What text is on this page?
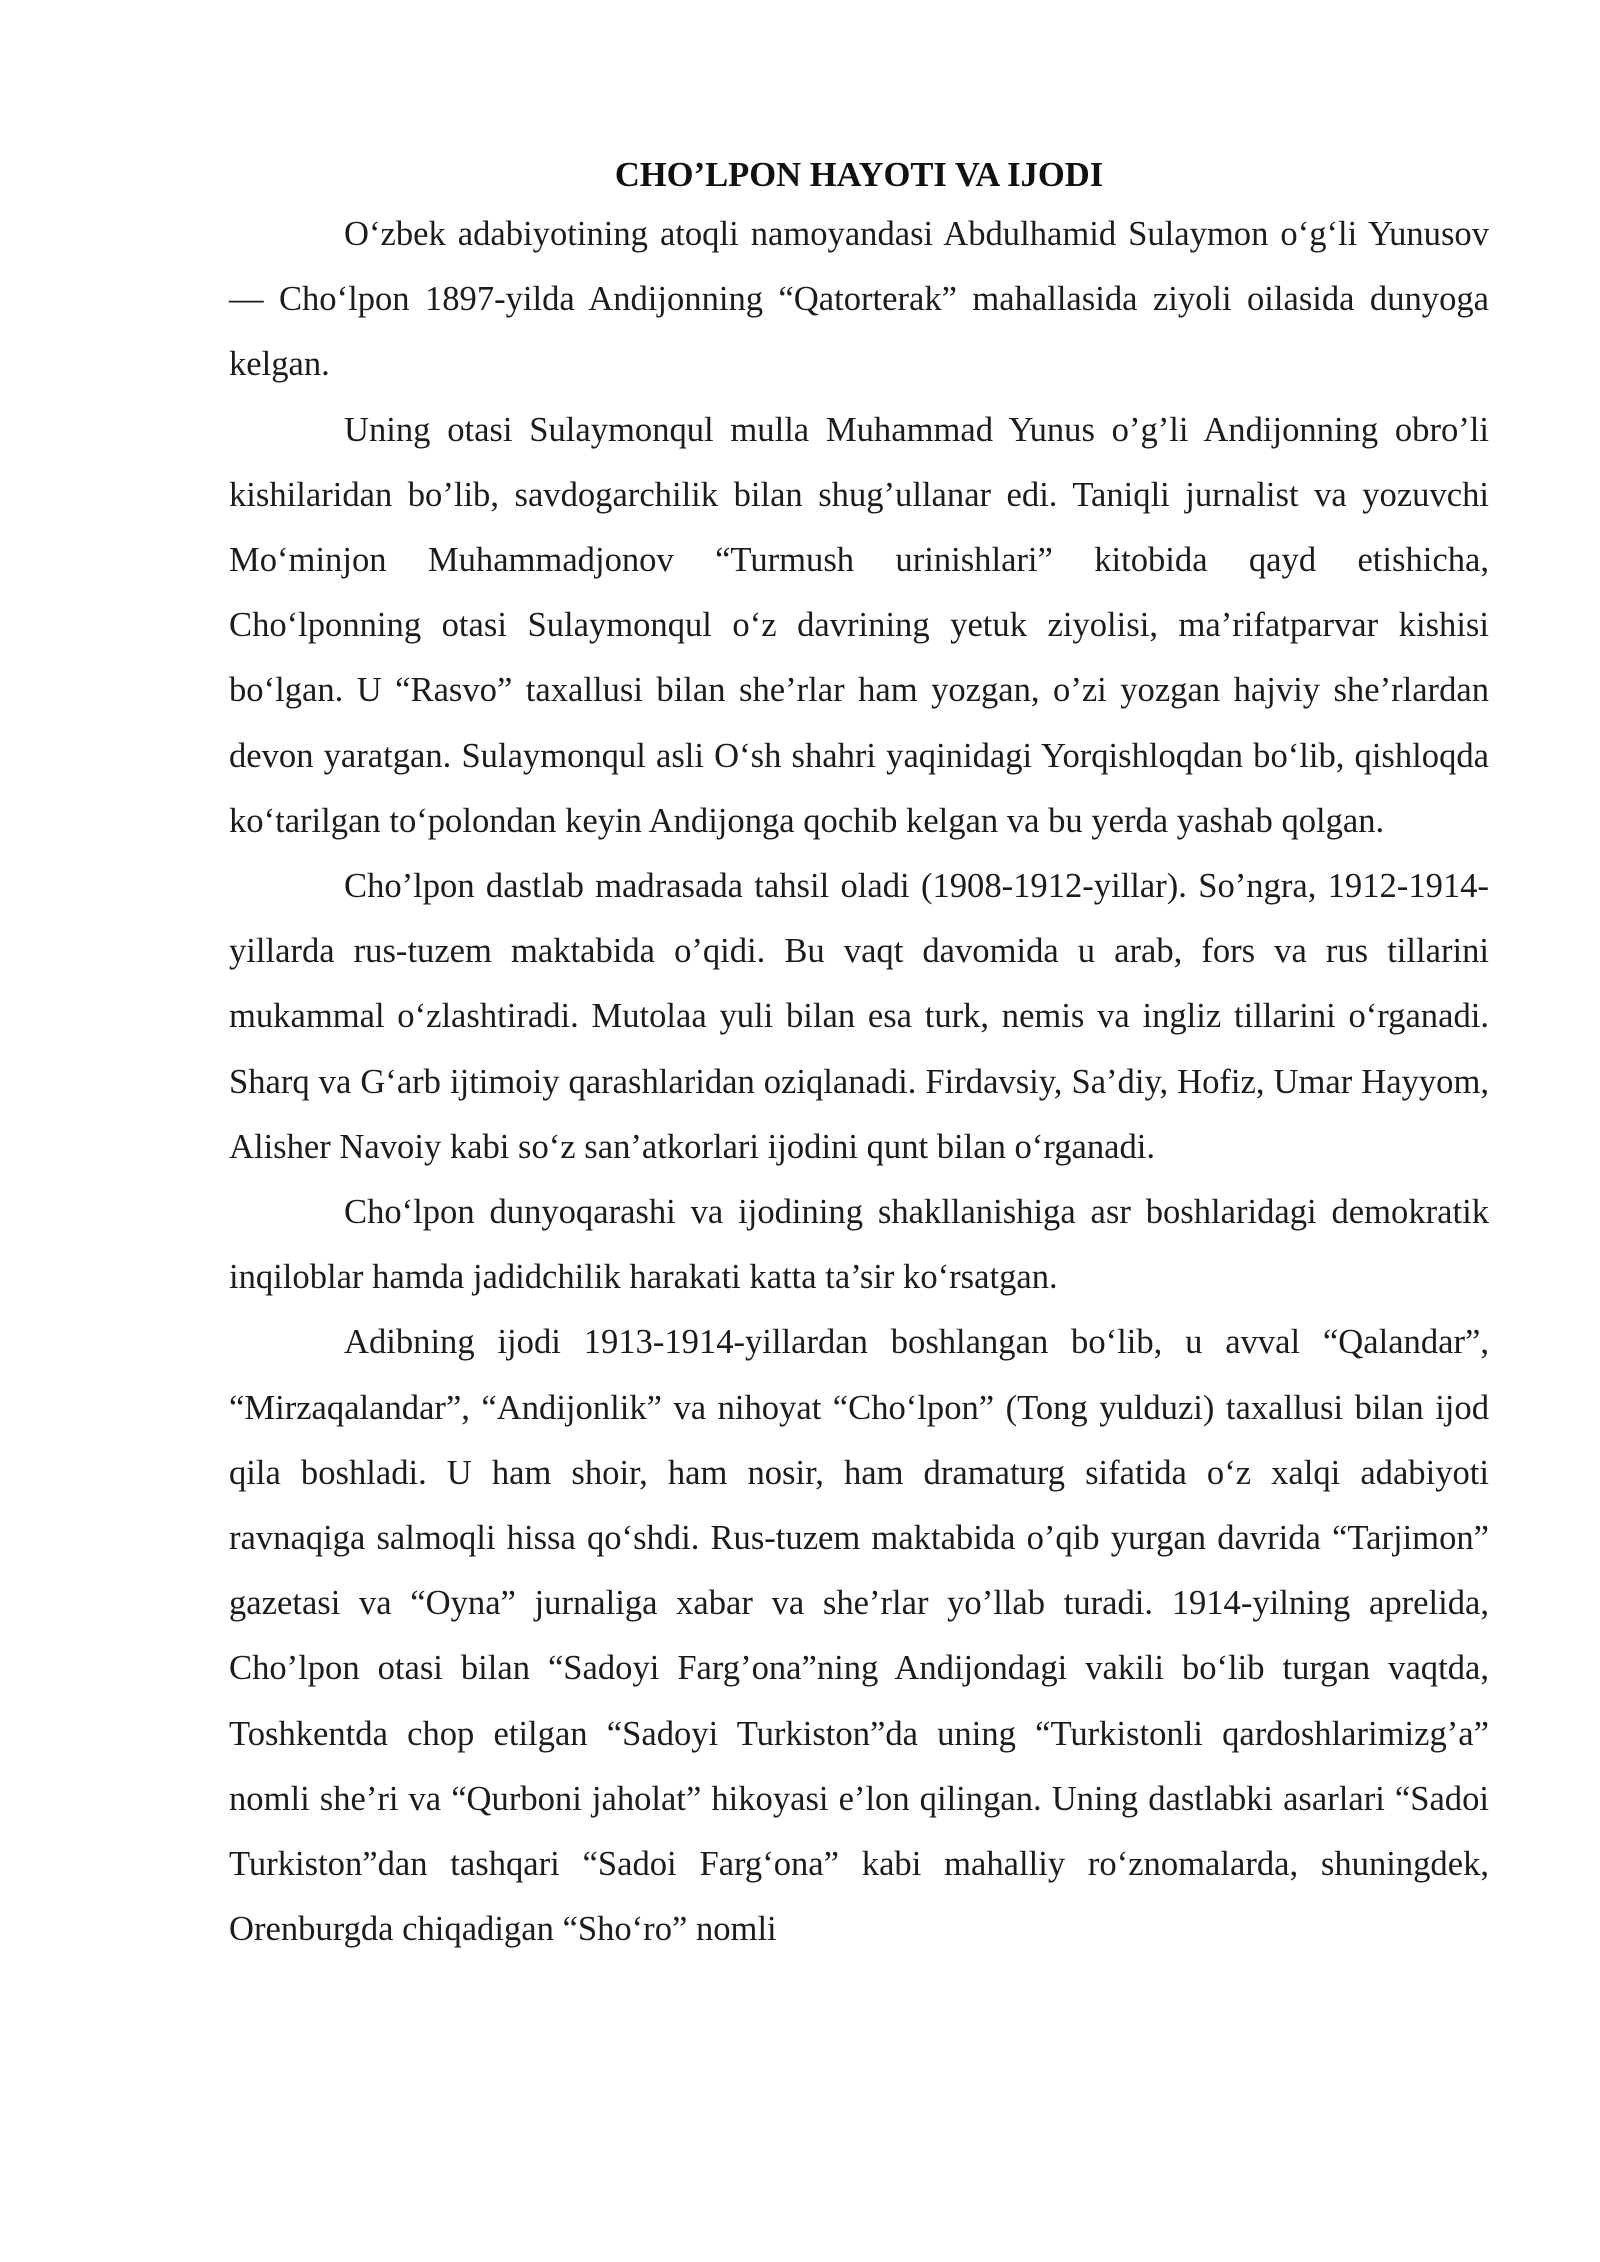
CHO’LPON HAYOTI VA IJODI

O‘zbek adabiyotining atoqli namoyandasi Abdulhamid Sulaymon o‘g‘li Yunusov — Cho‘lpon 1897-yilda Andijonning “Qatorterak” mahallasida ziyoli oilasida dunyoga kelgan.

Uning otasi Sulaymonqul mulla Muhammad Yunus o’g’li Andijonning obro’li kishilaridan bo’lib, savdogarchilik bilan shug’ullanar edi. Taniqli jurnalist va yozuvchi Mo‘minjon Muhammadjonov “Turmush urinishlari” kitobida qayd etishicha, Cho‘lponning otasi Sulaymonqul o‘z davrining yetuk ziyolisi, ma’rifatparvar kishisi bo‘lgan. U “Rasvo” taxallusi bilan she’rlar ham yozgan, o’zi yozgan hajviy she’rlardan devon yaratgan. Sulaymonqul asli O‘sh shahri yaqinidagi Yorqishloqdan bo‘lib, qishloqda ko‘tarilgan to‘polondan keyin Andijonga qochib kelgan va bu yerda yashab qolgan.

Cho’lpon dastlab madrasada tahsil oladi (1908-1912-yillar). So’ngra, 1912-1914-yillarda rus-tuzem maktabida o’qidi. Bu vaqt davomida u arab, fors va rus tillarini mukammal o‘zlashtiradi. Mutolaa yuli bilan esa turk, nemis va ingliz tillarini o‘rganadi. Sharq va G‘arb ijtimoiy qarashlaridan oziqlanadi. Firdavsiy, Sa’diy, Hofiz, Umar Hayyom, Alisher Navoiy kabi so‘z san’atkorlari ijodini qunt bilan o‘rganadi.

Cho‘lpon dunyoqarashi va ijodining shakllanishiga asr boshlaridagi demokratik inqiloblar hamda jadidchilik harakati katta ta’sir ko‘rsatgan.

Adibning ijodi 1913-1914-yillardan boshlangan bo‘lib, u avval “Qalandar”, “Mirzaqalandar”, “Andijonlik” va nihoyat “Cho‘lpon” (Tong yulduzi) taxallusi bilan ijod qila boshladi. U ham shoir, ham nosir, ham dramaturg sifatida o‘z xalqi adabiyoti ravnaqiga salmoqli hissa qo‘shdi. Rus-tuzem maktabida o’qib yurgan davrida “Tarjimon” gazetasi va “Oyna” jurnaliga xabar va she’rlar yo’llab turadi. 1914-yilning aprelida, Cho’lpon otasi bilan “Sadoyi Farg’ona”ning Andijondagi vakili bo‘lib turgan vaqtda, Toshkentda chop etilgan “Sadoyi Turkiston”da uning “Turkistonli qardoshlarimizg’a” nomli she’ri va “Qurboni jaholat” hikoyasi e’lon qilingan. Uning dastlabki asarlari “Sadoi Turkiston”dan tashqari “Sadoi Farg‘ona” kabi mahalliy ro‘znomalarda, shuningdek, Orenburgda chiqadigan “Sho‘ro” nomli
